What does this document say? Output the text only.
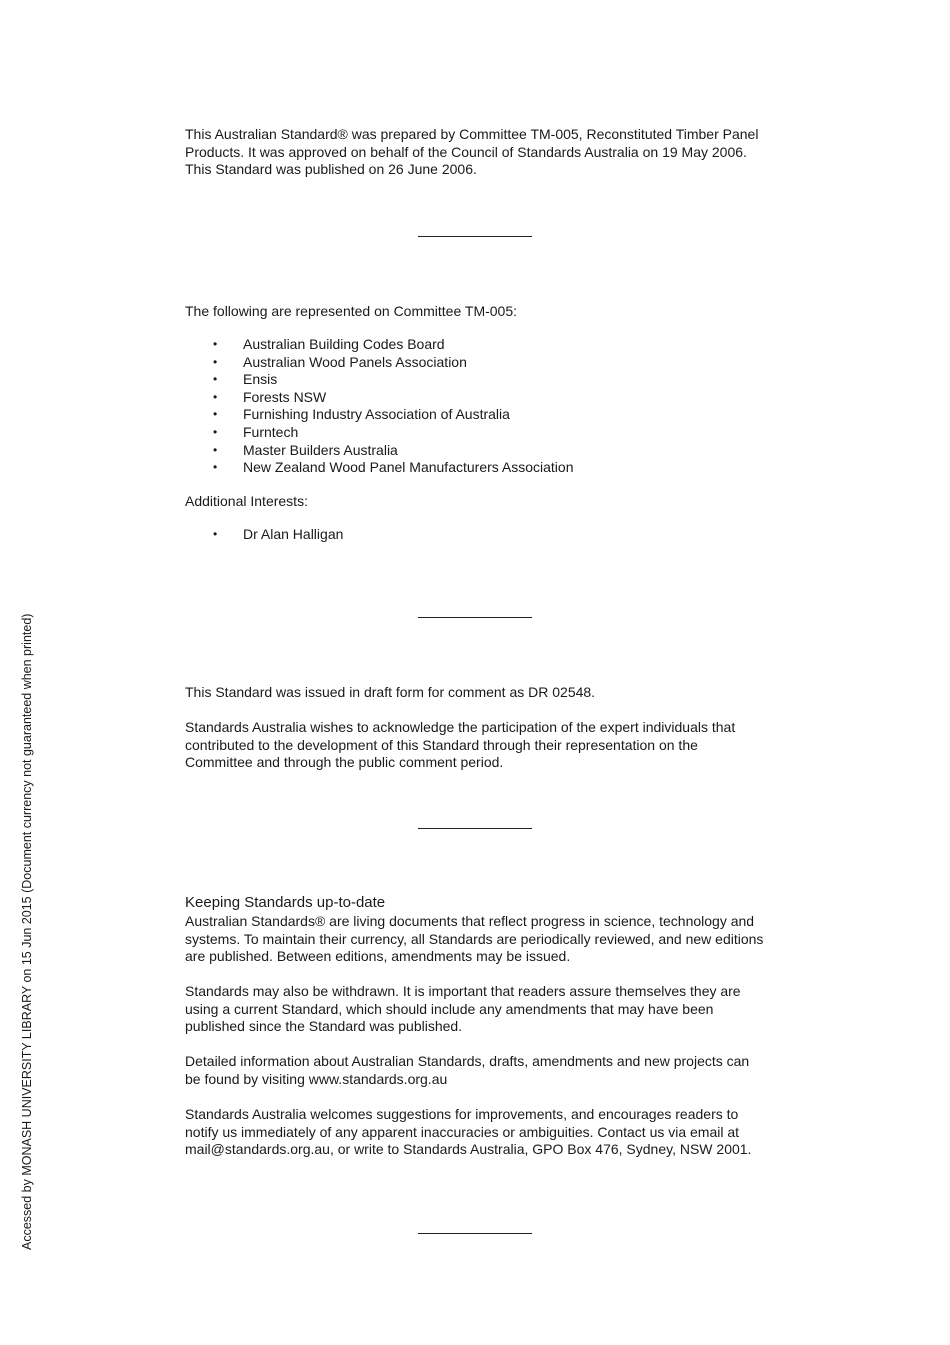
This Australian Standard® was prepared by Committee TM-005, Reconstituted Timber Panel

Products. It was approved on behalf of the Council of Standards Australia on 19 May 2006.

This Standard was published on 26 June 2006.

The following are represented on Committee TM-005:

• Australian Building Codes Board
• Australian Wood Panels Association
• Ensis
• Forests NSW
• Furnishing Industry Association of Australia
• Furntech
• Master Builders Australia
• New Zealand Wood Panel Manufacturers Association

Additional Interests:

• Dr Alan Halligan

This Standard was issued in draft form for comment as DR 02548.

Standards Australia wishes to acknowledge the participation of the expert individuals that

contributed to the development of this Standard through their representation on the

Committee and through the public comment period.

Keeping Standards up-to-date

Australian Standards® are living documents that reflect progress in science, technology and

systems. To maintain their currency, all Standards are periodically reviewed, and new editions

are published. Between editions, amendments may be issued.

Standards may also be withdrawn. It is important that readers assure themselves they are

using a current Standard, which should include any amendments that may have been

published since the Standard was published.

Detailed information about Australian Standards, drafts, amendments and new projects can

be found by visiting www.standards.org.au

Standards Australia welcomes suggestions for improvements, and encourages readers to

notify us immediately of any apparent inaccuracies or ambiguities. Contact us via email at

mail@standards.org.au, or write to Standards Australia, GPO Box 476, Sydney, NSW 2001.

Accessed by MONASH UNIVERSITY LIBRARY on 15 Jun 2015 (Document currency not guaranteed when printed)
